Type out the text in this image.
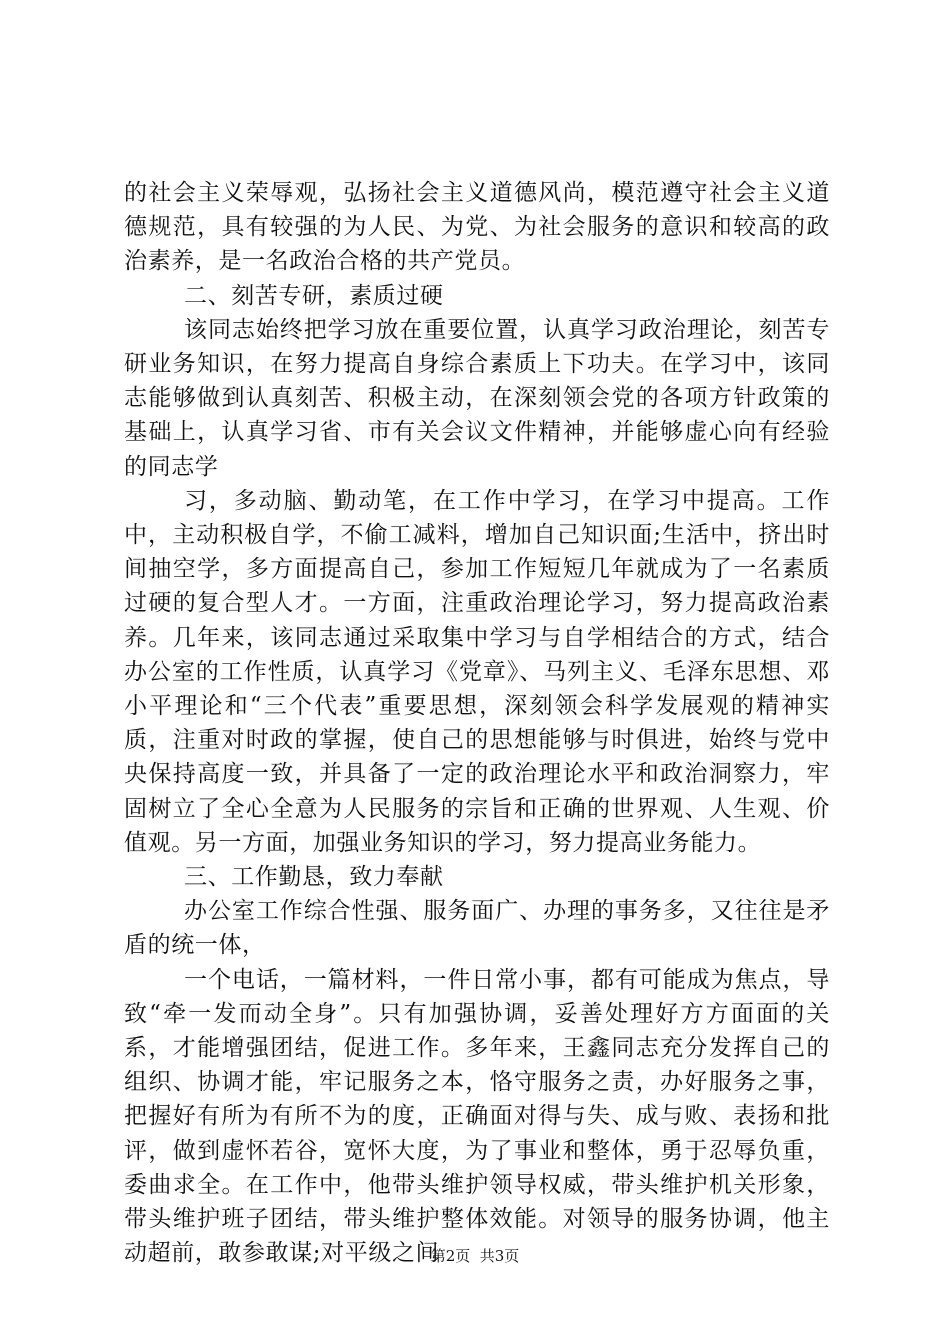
的社会主义荣辱观，弘扬社会主义道德风尚，模范遵守社会主义道德规范，具有较强的为人民、为党、为社会服务的意识和较高的政治素养，是一名政治合格的共产党员。

二、刻苦专研，素质过硬

该同志始终把学习放在重要位置，认真学习政治理论，刻苦专研业务知识，在努力提高自身综合素质上下功夫。在学习中，该同志能够做到认真刻苦、积极主动，在深刻领会党的各项方针政策的基础上，认真学习省、市有关会议文件精神，并能够虚心向有经验的同志学

习，多动脑、勤动笔，在工作中学习，在学习中提高。工作中，主动积极自学，不偷工减料，增加自己知识面;生活中，挤出时间抽空学，多方面提高自己，参加工作短短几年就成为了一名素质过硬的复合型人才。一方面，注重政治理论学习，努力提高政治素养。几年来，该同志通过采取集中学习与自学相结合的方式，结合办公室的工作性质，认真学习《党章》、马列主义、毛泽东思想、邓小平理论和“三个代表”重要思想，深刻领会科学发展观的精神实质，注重对时政的掌握，使自己的思想能够与时俱进，始终与党中央保持高度一致，并具备了一定的政治理论水平和政治洞察力，牢固树立了全心全意为人民服务的宗旨和正确的世界观、人生观、价值观。另一方面，加强业务知识的学习，努力提高业务能力。

三、工作勤恳，致力奉献

办公室工作综合性强、服务面广、办理的事务多，又往往是矛盾的统一体，

一个电话，一篇材料，一件日常小事，都有可能成为焦点，导致“牵一发而动全身”。只有加强协调，妥善处理好方方面面的关系，才能增强团结，促进工作。多年来，王鑫同志充分发挥自己的组织、协调才能，牢记服务之本，恪守服务之责，办好服务之事，把握好有所为有所不为的度，正确面对得与失、成与败、表扬和批评，做到虚怀若谷，宽怀大度，为了事业和整体，勇于忍辱负重，委曲求全。在工作中，他带头维护领导权威，带头维护机关形象，带头维护班子团结，带头维护整体效能。对领导的服务协调，他主动超前，敢参敢谋;对平级之间

第2页  共3页
